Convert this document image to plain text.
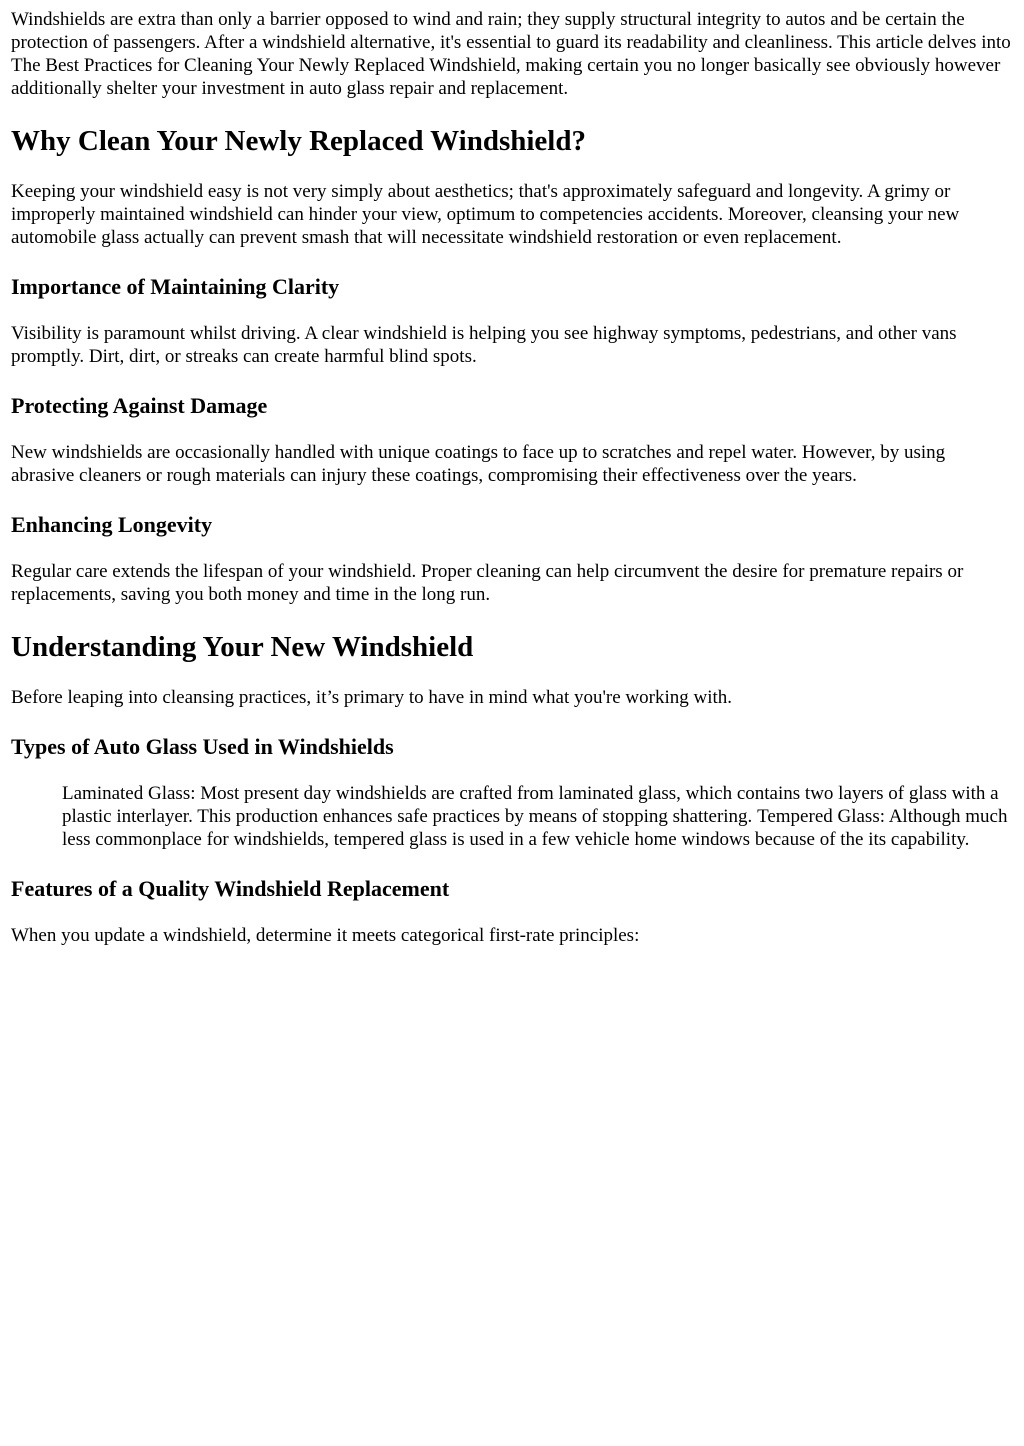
Windshields are extra than only a barrier opposed to wind and rain; they supply structural integrity to autos and be certain the protection of passengers. After a windshield alternative, it's essential to guard its readability and cleanliness. This article delves into The Best Practices for Cleaning Your Newly Replaced Windshield, making certain you no longer basically see obviously however additionally shelter your investment in auto glass repair and replacement.

Why Clean Your Newly Replaced Windshield?

Keeping your windshield easy is not very simply about aesthetics; that's approximately safeguard and longevity. A grimy or improperly maintained windshield can hinder your view, optimum to competencies accidents. Moreover, cleansing your new automobile glass actually can prevent smash that will necessitate windshield restoration or even replacement.

Importance of Maintaining Clarity

Visibility is paramount whilst driving. A clear windshield is helping you see highway symptoms, pedestrians, and other vans promptly. Dirt, dirt, or streaks can create harmful blind spots.

Protecting Against Damage

New windshields are occasionally handled with unique coatings to face up to scratches and repel water. However, by using abrasive cleaners or rough materials can injury these coatings, compromising their effectiveness over the years.

Enhancing Longevity

Regular care extends the lifespan of your windshield. Proper cleaning can help circumvent the desire for premature repairs or replacements, saving you both money and time in the long run.

Understanding Your New Windshield

Before leaping into cleansing practices, it’s primary to have in mind what you're working with.

Types of Auto Glass Used in Windshields
Laminated Glass: Most present day windshields are crafted from laminated glass, which contains two layers of glass with a plastic interlayer. This production enhances safe practices by means of stopping shattering. Tempered Glass: Although much less commonplace for windshields, tempered glass is used in a few vehicle home windows because of the its capability.
Features of a Quality Windshield Replacement

When you update a windshield, determine it meets categorical first-rate principles:
